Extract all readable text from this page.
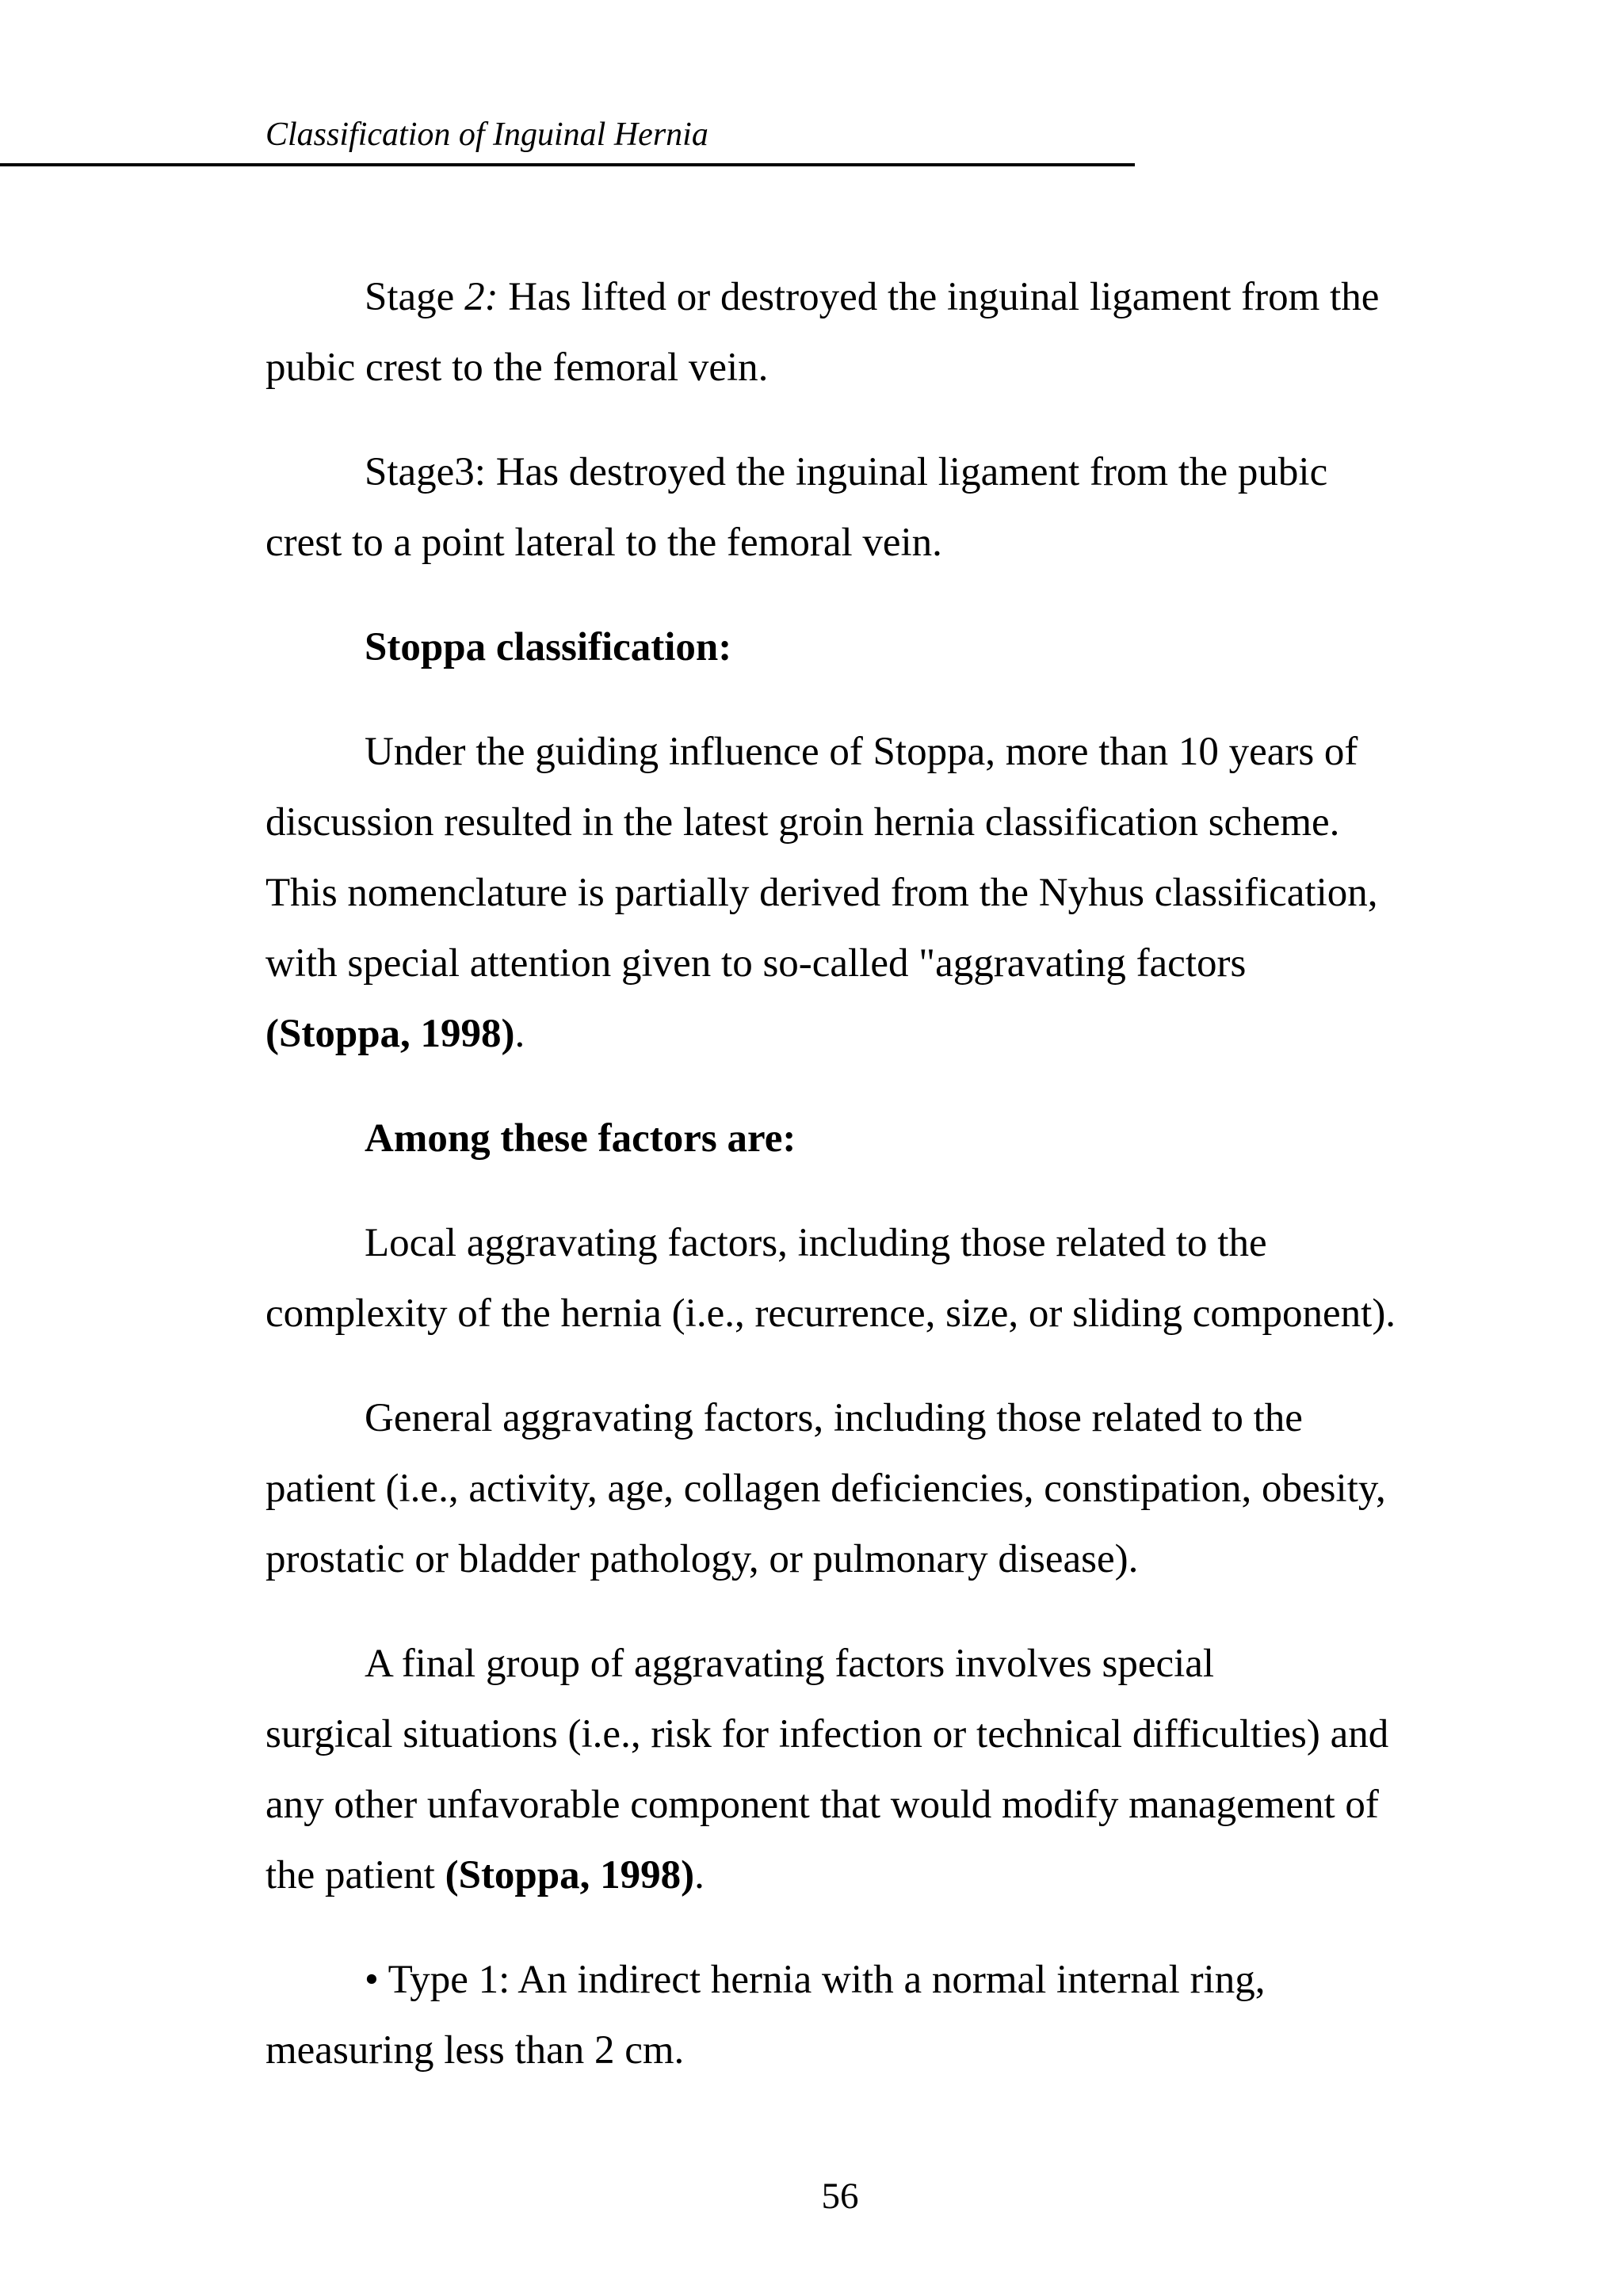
Classification of Inguinal Hernia

Stage 2: Has lifted or destroyed the inguinal ligament from the
pubic crest to the femoral vein.

Stage3: Has destroyed the inguinal ligament from the pubic
crest to a point lateral to the femoral vein.

Stoppa classification:

Under the guiding influence of Stoppa, more than 10 years of
discussion resulted in the latest groin hernia classification scheme.
This nomenclature is partially derived from the Nyhus classification,
with special attention given to so-called "aggravating factors
(Stoppa, 1998).

Among these factors are:

Local aggravating factors, including those related to the
complexity of the hernia (i.e., recurrence, size, or sliding component).

General aggravating factors, including those related to the
patient (i.e., activity, age, collagen deficiencies, constipation, obesity,
prostatic or bladder pathology, or pulmonary disease).

A final group of aggravating factors involves special
surgical situations (i.e., risk for infection or technical difficulties) and
any other unfavorable component that would modify management of
the patient (Stoppa, 1998).

• Type 1: An indirect hernia with a normal internal ring,
measuring less than 2 cm.

56
